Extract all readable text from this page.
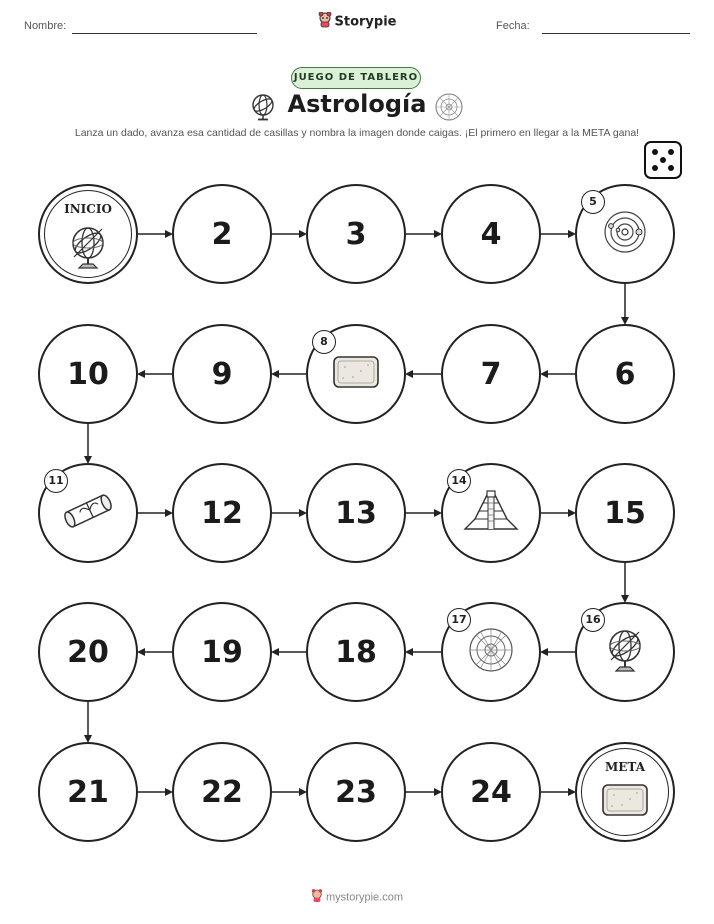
Nombre:	Storypie	Fecha:
JUEGO DE TABLERO
Astrología
Lanza un dado, avanza esa cantidad de casillas y nombra la imagen donde caigas. ¡El primero en llegar a la META gana!
INICIO
2	3	4
5
6
7
8
9
10
11
12	13
14
15
16
17
18
19
20
21	22	23	24
META
mystorypie.com
